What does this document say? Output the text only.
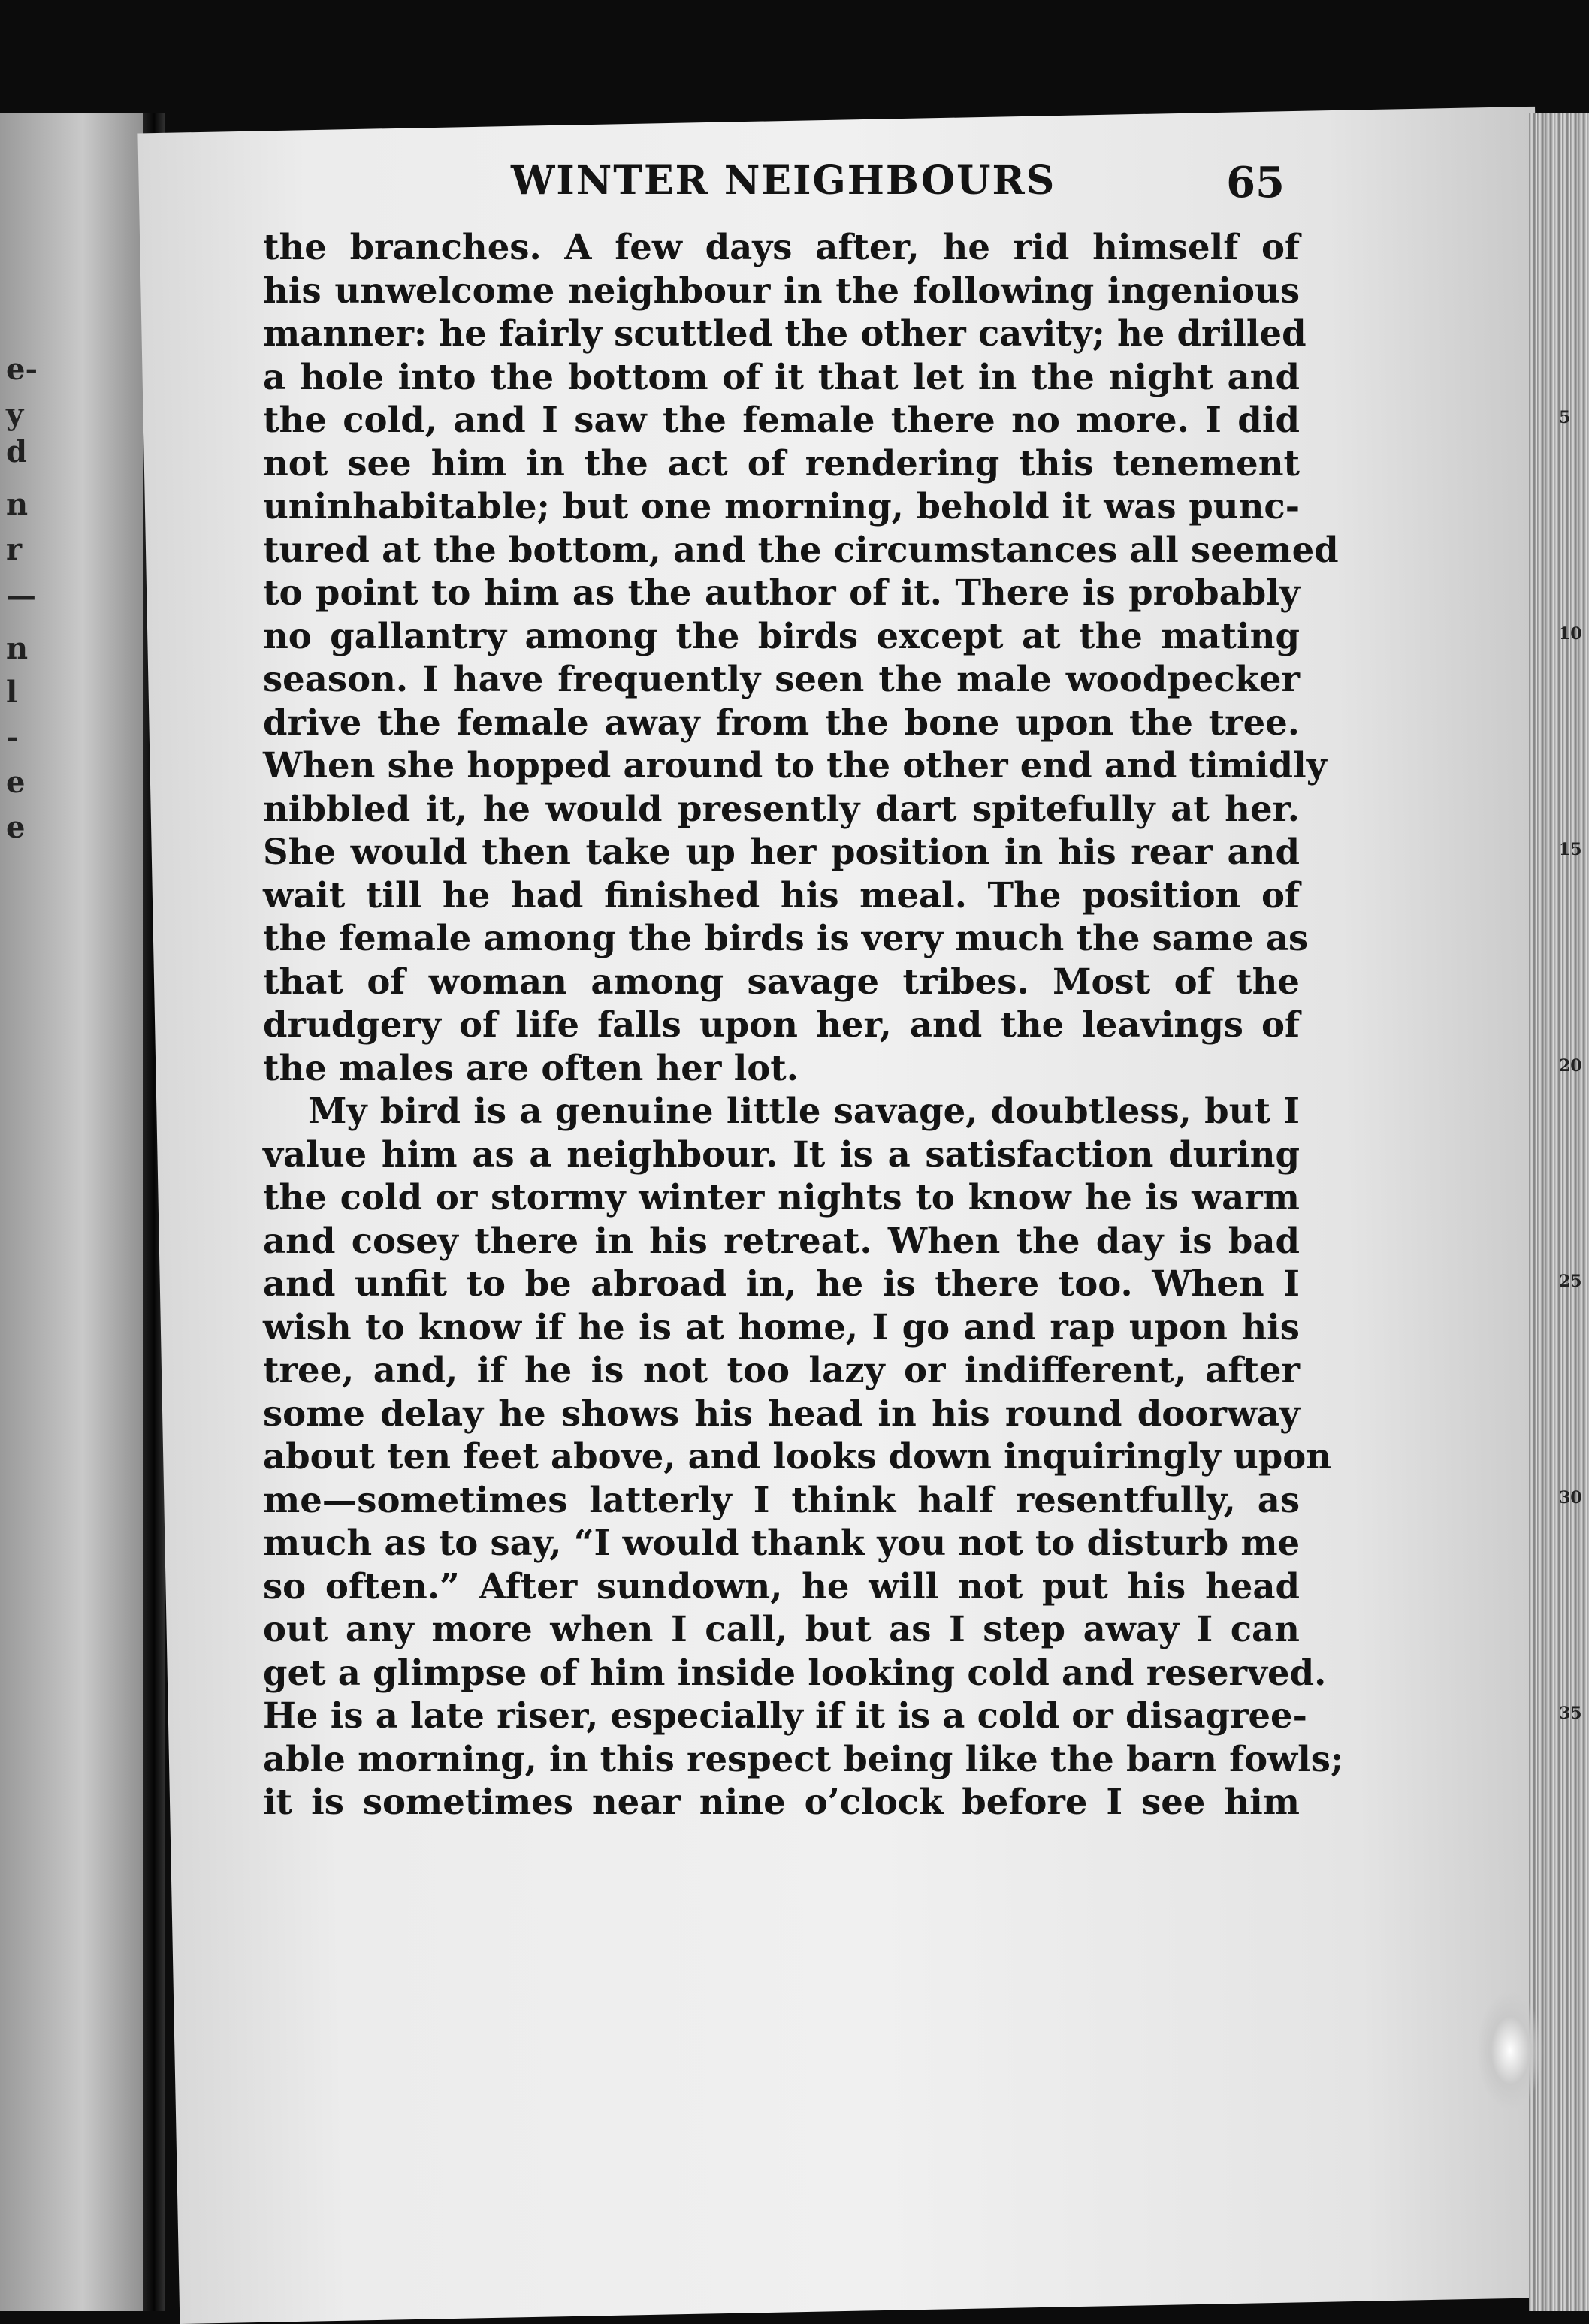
e-
y
d
n
r
—
n
l
-
e
e
WINTER NEIGHBOURS	65
the branches. A few days after, he rid himself of
his unwelcome neighbour in the following ingenious
manner: he fairly scuttled the other cavity; he drilled
a hole into the bottom of it that let in the night and
the cold, and I saw the female there no more. I did
not see him in the act of rendering this tenement
uninhabitable; but one morning, behold it was punc-
tured at the bottom, and the circumstances all seemed
to point to him as the author of it. There is probably
no gallantry among the birds except at the mating
season. I have frequently seen the male woodpecker
drive the female away from the bone upon the tree.
When she hopped around to the other end and timidly
nibbled it, he would presently dart spitefully at her.
She would then take up her position in his rear and
wait till he had finished his meal. The position of
the female among the birds is very much the same as
that of woman among savage tribes. Most of the
drudgery of life falls upon her, and the leavings of
the males are often her lot.
My bird is a genuine little savage, doubtless, but I
value him as a neighbour. It is a satisfaction during
the cold or stormy winter nights to know he is warm
and cosey there in his retreat. When the day is bad
and unfit to be abroad in, he is there too. When I
wish to know if he is at home, I go and rap upon his
tree, and, if he is not too lazy or indifferent, after
some delay he shows his head in his round doorway
about ten feet above, and looks down inquiringly upon
me—sometimes latterly I think half resentfully, as
much as to say, “I would thank you not to disturb me
so often.” After sundown, he will not put his head
out any more when I call, but as I step away I can
get a glimpse of him inside looking cold and reserved.
He is a late riser, especially if it is a cold or disagree-
able morning, in this respect being like the barn fowls;
it is sometimes near nine o’clock before I see him
5
10
15
20
25
30
35
